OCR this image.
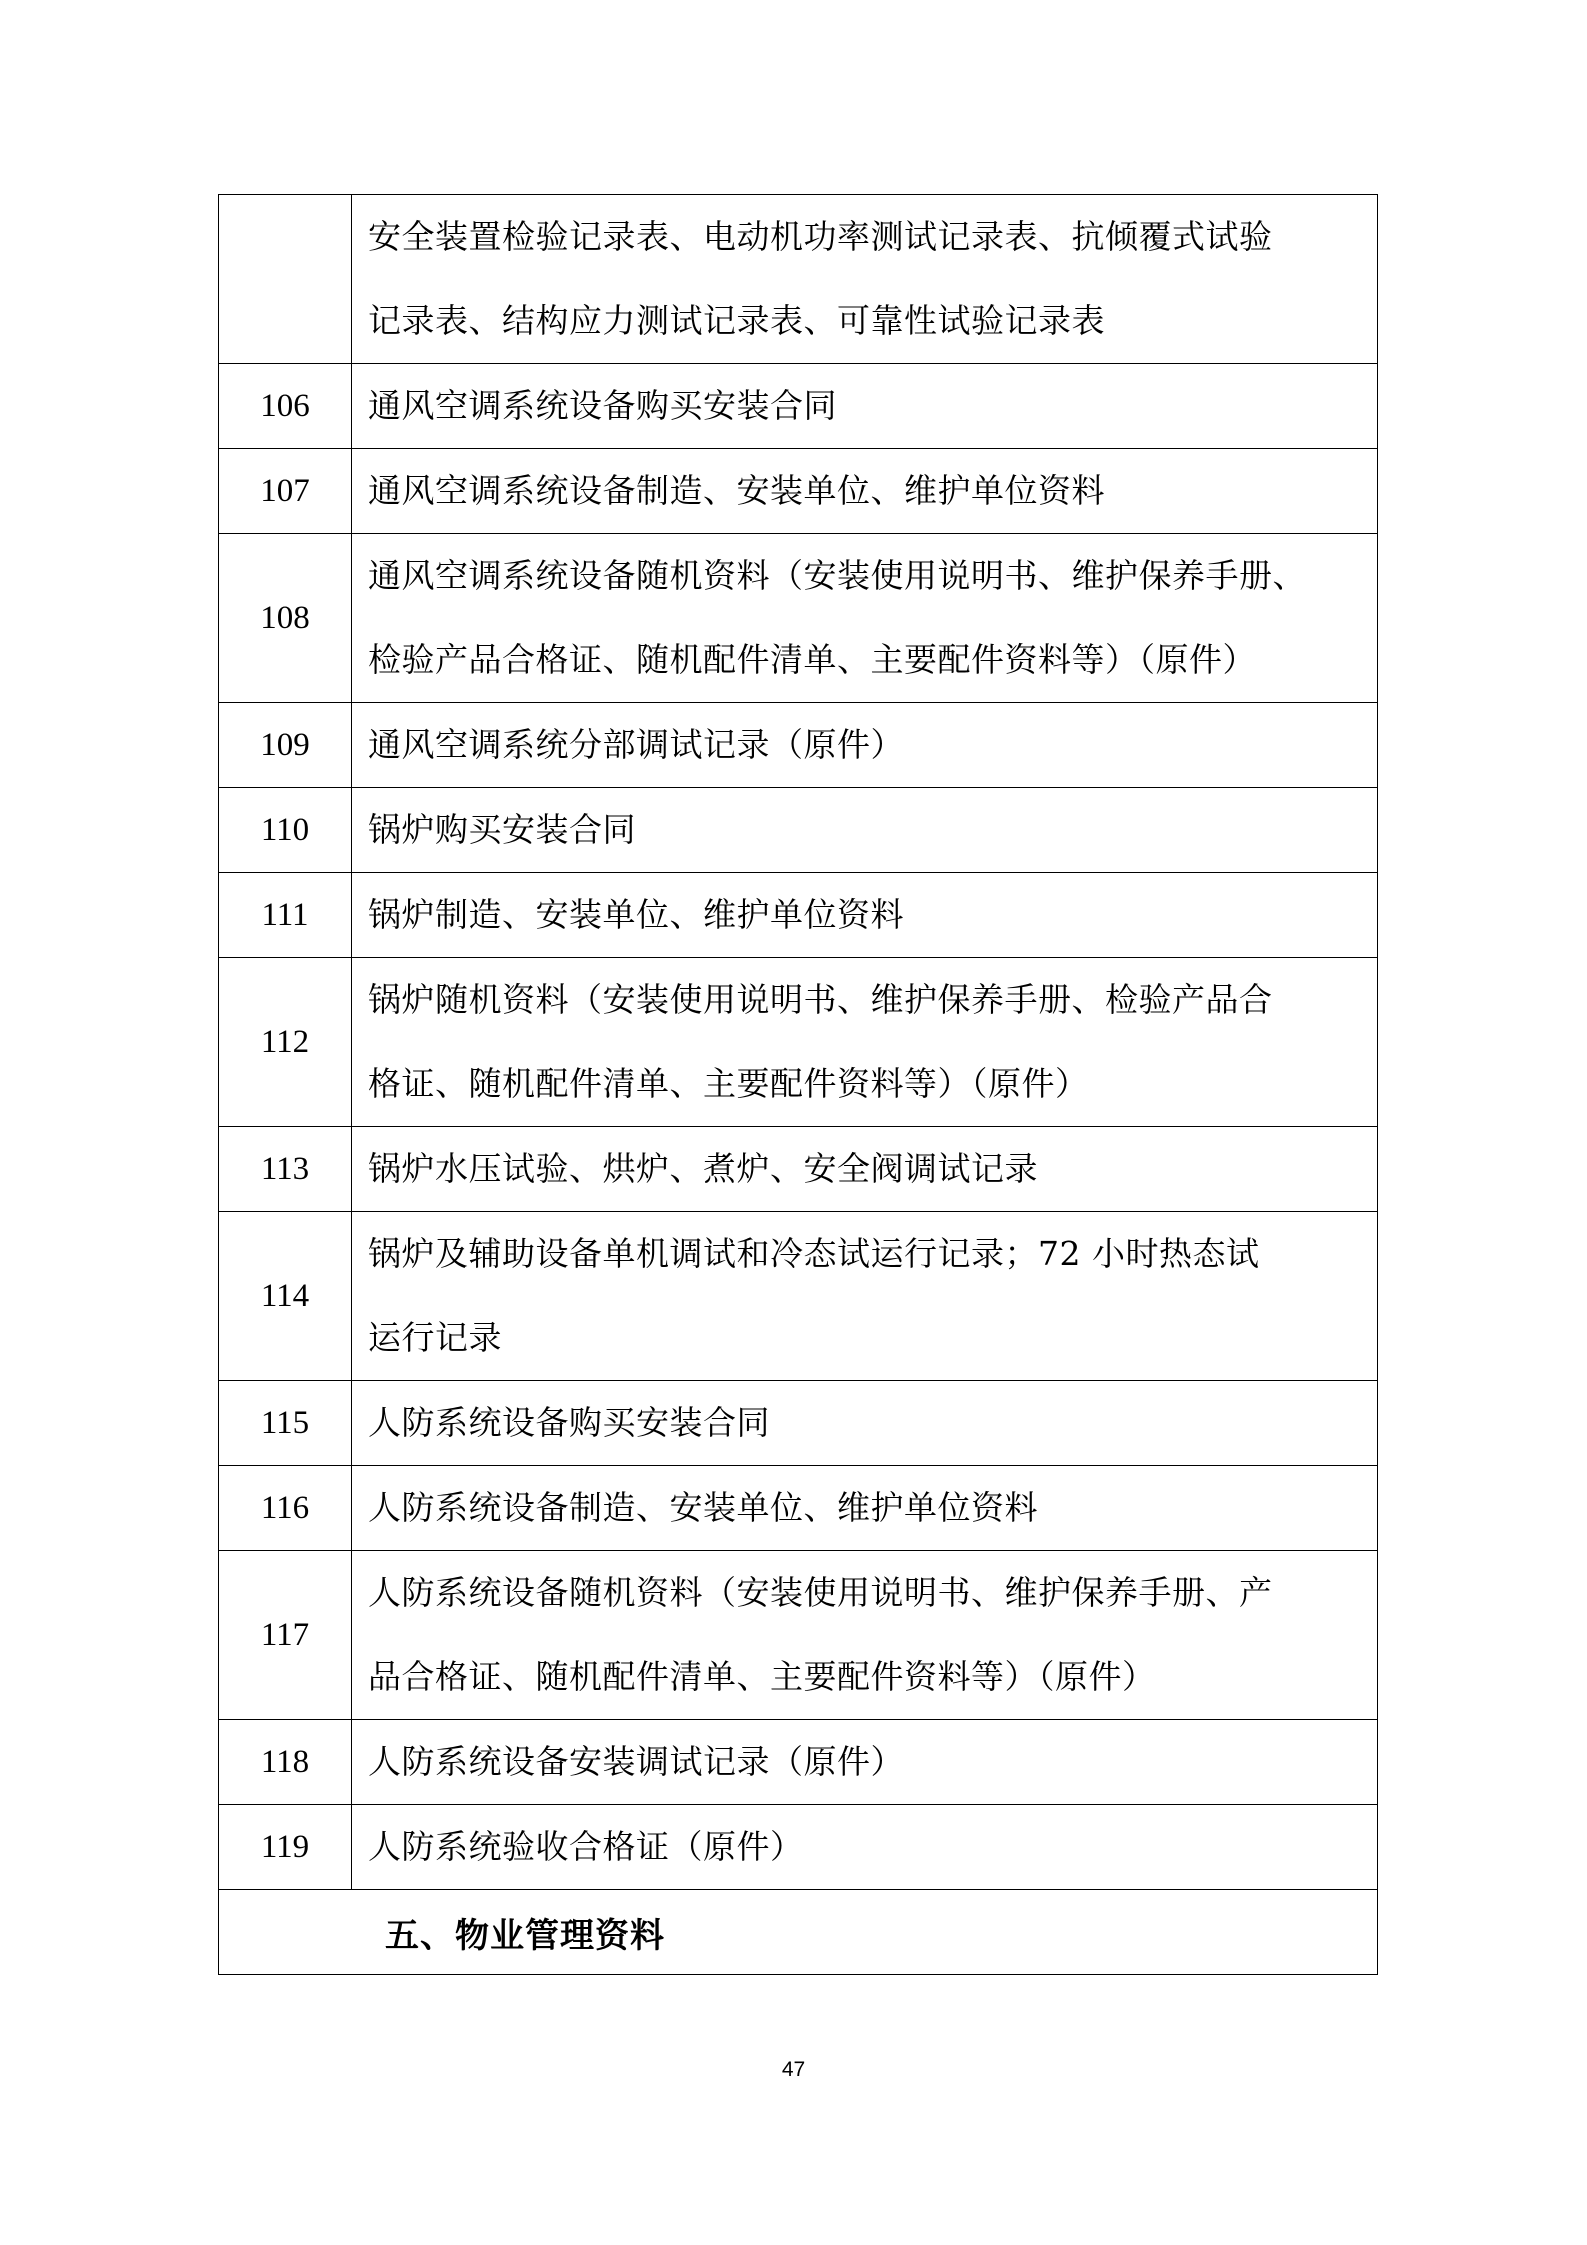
	安全装置检验记录表、电动机功率测试记录表、抗倾覆式试验
记录表、结构应力测试记录表、可靠性试验记录表

106	通风空调系统设备购买安装合同

107	通风空调系统设备制造、安装单位、维护单位资料

108	通风空调系统设备随机资料（安装使用说明书、维护保养手册、
检验产品合格证、随机配件清单、主要配件资料等）（原件）

109	通风空调系统分部调试记录（原件）

110	锅炉购买安装合同

111	锅炉制造、安装单位、维护单位资料

112	锅炉随机资料（安装使用说明书、维护保养手册、检验产品合
格证、随机配件清单、主要配件资料等）（原件）

113	锅炉水压试验、烘炉、煮炉、安全阀调试记录

114	锅炉及辅助设备单机调试和冷态试运行记录；72 小时热态试
运行记录

115	人防系统设备购买安装合同

116	人防系统设备制造、安装单位、维护单位资料

117	人防系统设备随机资料（安装使用说明书、维护保养手册、产
品合格证、随机配件清单、主要配件资料等）（原件）

118	人防系统设备安装调试记录（原件）

119	人防系统验收合格证（原件）

五、物业管理资料	
47
